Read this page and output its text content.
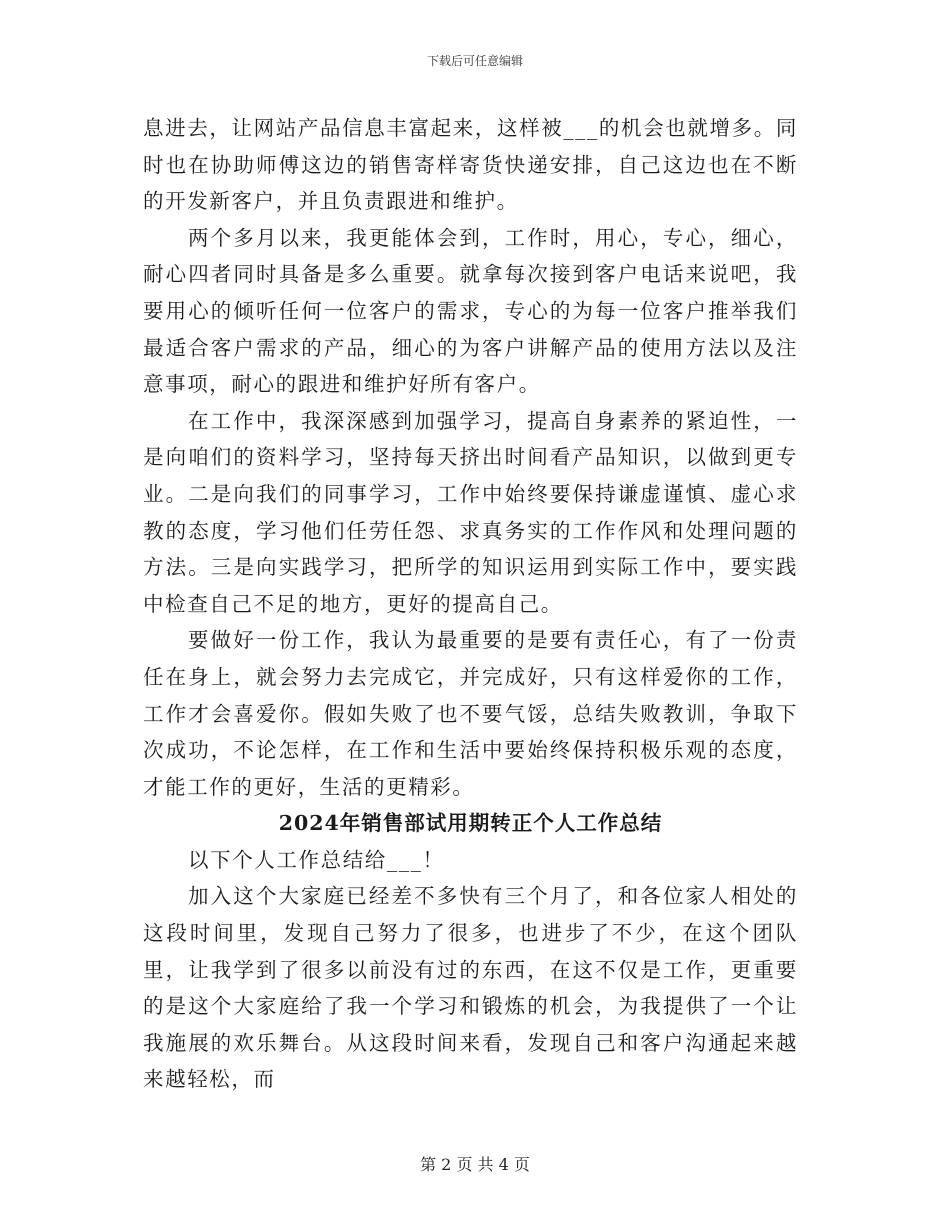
下载后可任意编辑

息进去，让网站产品信息丰富起来，这样被___的机会也就增多。同时也在协助师傅这边的销售寄样寄货快递安排，自己这边也在不断的开发新客户，并且负责跟进和维护。

两个多月以来，我更能体会到，工作时，用心，专心，细心，耐心四者同时具备是多么重要。就拿每次接到客户电话来说吧，我要用心的倾听任何一位客户的需求，专心的为每一位客户推举我们最适合客户需求的产品，细心的为客户讲解产品的使用方法以及注意事项，耐心的跟进和维护好所有客户。

在工作中，我深深感到加强学习，提高自身素养的紧迫性，一是向咱们的资料学习，坚持每天挤出时间看产品知识，以做到更专业。二是向我们的同事学习，工作中始终要保持谦虚谨慎、虚心求教的态度，学习他们任劳任怨、求真务实的工作作风和处理问题的方法。三是向实践学习，把所学的知识运用到实际工作中，要实践中检查自己不足的地方，更好的提高自己。

要做好一份工作，我认为最重要的是要有责任心，有了一份责任在身上，就会努力去完成它，并完成好，只有这样爱你的工作，工作才会喜爱你。假如失败了也不要气馁，总结失败教训，争取下次成功，不论怎样，在工作和生活中要始终保持积极乐观的态度，才能工作的更好，生活的更精彩。

2024年销售部试用期转正个人工作总结

以下个人工作总结给___！

加入这个大家庭已经差不多快有三个月了，和各位家人相处的这段时间里，发现自己努力了很多，也进步了不少，在这个团队里，让我学到了很多以前没有过的东西，在这不仅是工作，更重要的是这个大家庭给了我一个学习和锻炼的机会，为我提供了一个让我施展的欢乐舞台。从这段时间来看，发现自己和客户沟通起来越来越轻松，而

第 2 页 共 4 页
